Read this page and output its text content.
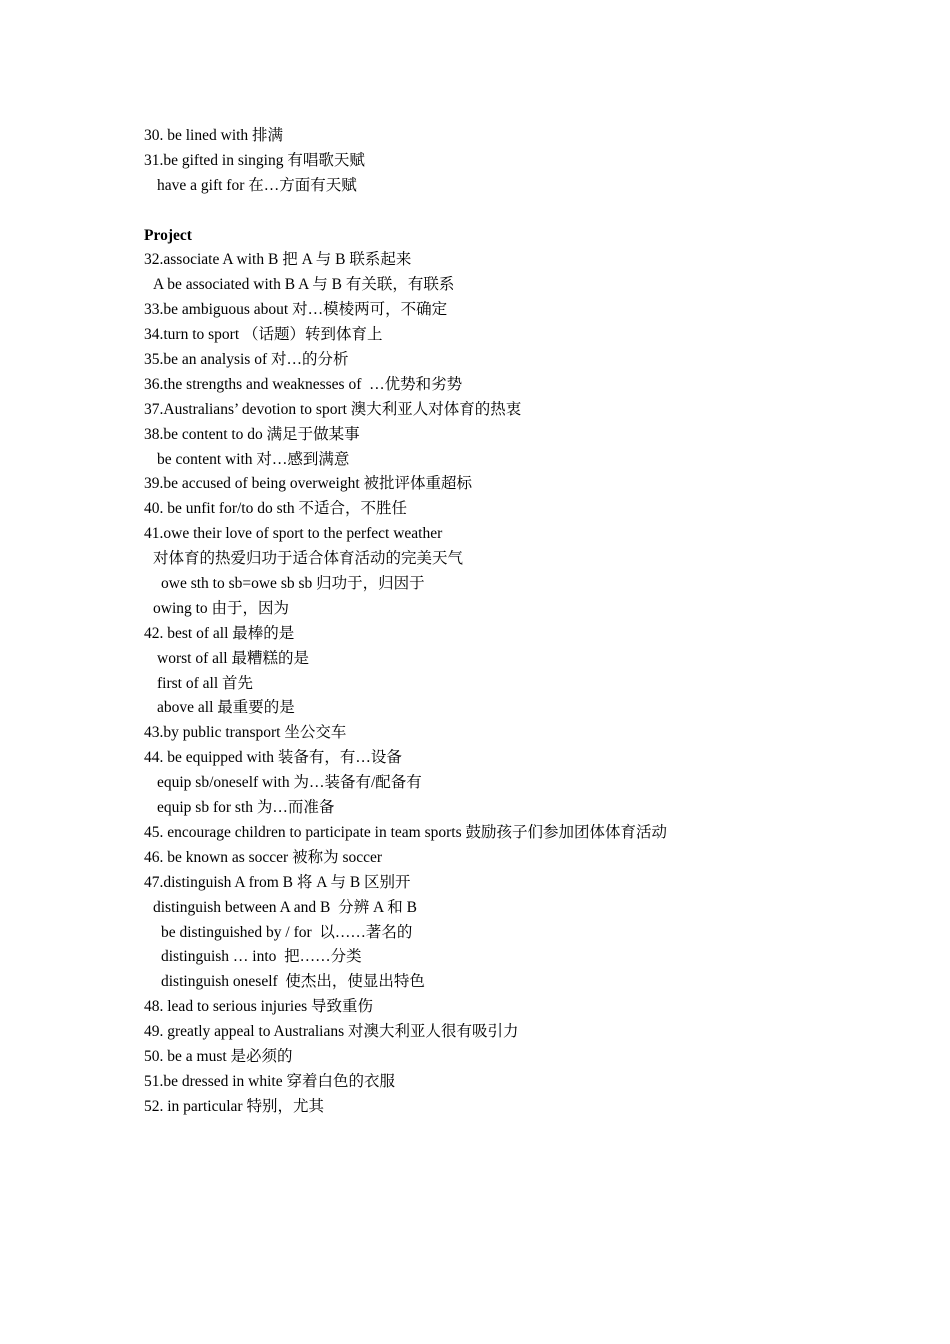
30. be lined with 排满
31.be gifted in singing 有唱歌天赋
have a gift for 在…方面有天赋
Project
32.associate A with B 把 A 与 B 联系起来
A be associated with B A 与 B 有关联，有联系
33.be ambiguous about 对…模棱两可，不确定
34.turn to sport （话题）转到体育上
35.be an analysis of 对…的分析
36.the strengths and weaknesses of  …优势和劣势
37.Australians’ devotion to sport 澳大利亚人对体育的热衷
38.be content to do 满足于做某事
be content with 对…感到满意
39.be accused of being overweight 被批评体重超标
40. be unfit for/to do sth 不适合，不胜任
41.owe their love of sport to the perfect weather
对体育的热爱归功于适合体育活动的完美天气
owe sth to sb=owe sb sb 归功于，归因于
owing to 由于，因为
42. best of all 最棒的是
worst of all 最糟糕的是
first of all 首先
above all 最重要的是
43.by public transport 坐公交车
44. be equipped with 装备有，有…设备
equip sb/oneself with 为…装备有/配备有
equip sb for sth 为…而准备
45. encourage children to participate in team sports 鼓励孩子们参加团体体育活动
46. be known as soccer 被称为 soccer
47.distinguish A from B 将 A 与 B 区别开
distinguish between A and B  分辨 A 和 B
be distinguished by / for  以……著名的
distinguish … into  把……分类
distinguish oneself  使杰出，使显出特色
48. lead to serious injuries 导致重伤
49. greatly appeal to Australians 对澳大利亚人很有吸引力
50. be a must 是必须的
51.be dressed in white 穿着白色的衣服
52. in particular 特别，尤其
